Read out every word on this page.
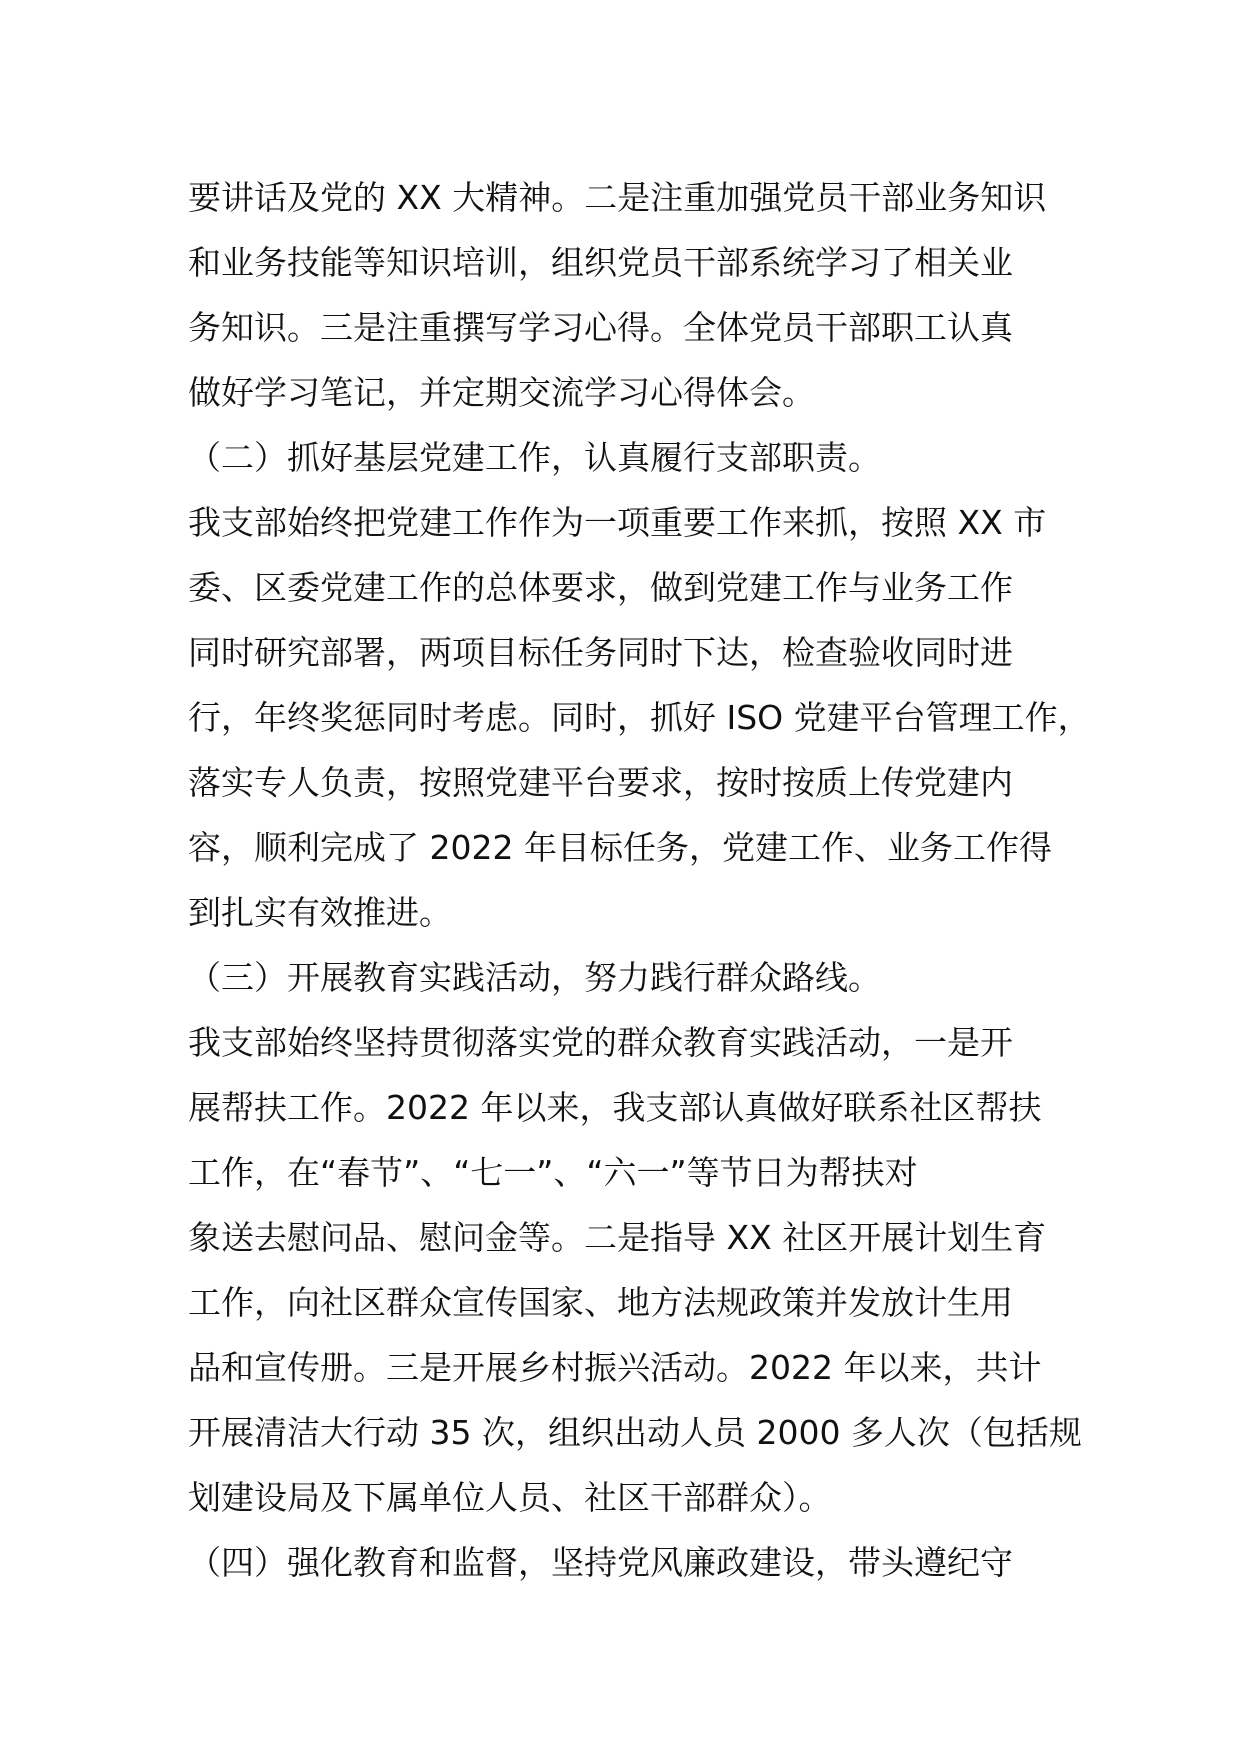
要讲话及党的 XX 大精神。二是注重加强党员干部业务知识
和业务技能等知识培训，组织党员干部系统学习了相关业
务知识。三是注重撰写学习心得。全体党员干部职工认真
做好学习笔记，并定期交流学习心得体会。
（二）抓好基层党建工作，认真履行支部职责。
我支部始终把党建工作作为一项重要工作来抓，按照 XX 市
委、区委党建工作的总体要求，做到党建工作与业务工作
同时研究部署，两项目标任务同时下达，检查验收同时进
行，年终奖惩同时考虑。同时，抓好 ISO 党建平台管理工作，
落实专人负责，按照党建平台要求，按时按质上传党建内
容，顺利完成了 2022 年目标任务，党建工作、业务工作得
到扎实有效推进。
（三）开展教育实践活动，努力践行群众路线。
我支部始终坚持贯彻落实党的群众教育实践活动，一是开
展帮扶工作。2022 年以来，我支部认真做好联系社区帮扶
工作，在“春节”、“七一”、“六一”等节日为帮扶对
象送去慰问品、慰问金等。二是指导 XX 社区开展计划生育
工作，向社区群众宣传国家、地方法规政策并发放计生用
品和宣传册。三是开展乡村振兴活动。2022 年以来，共计
开展清洁大行动 35 次，组织出动人员 2000 多人次（包括规
划建设局及下属单位人员、社区干部群众）。
（四）强化教育和监督，坚持党风廉政建设，带头遵纪守
